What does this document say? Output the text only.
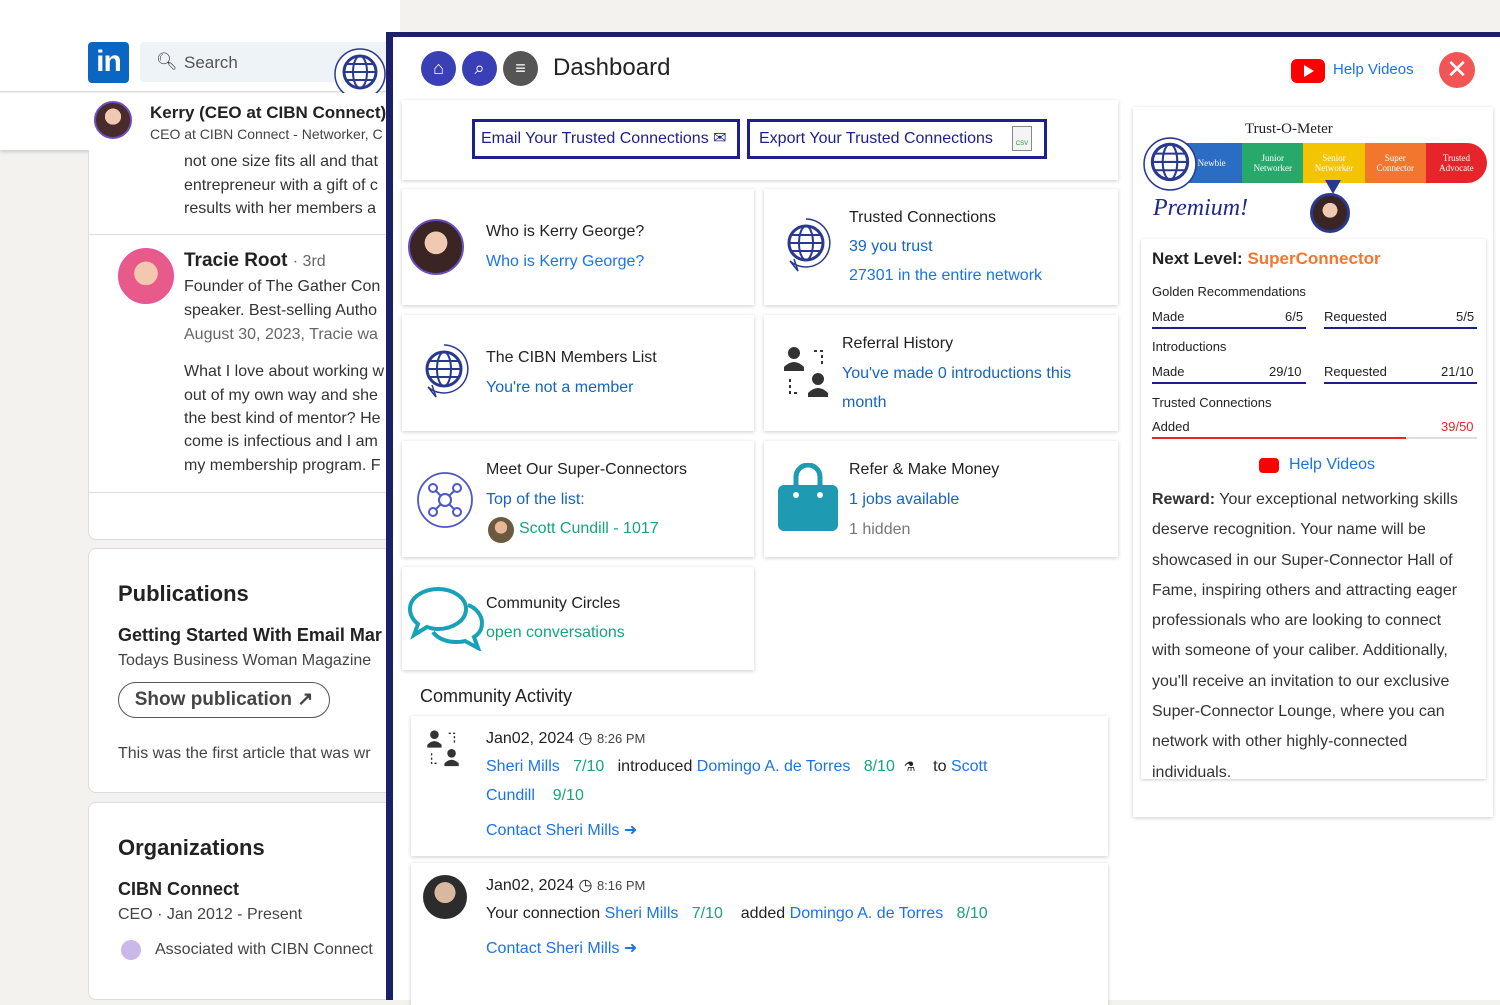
in	🔍︎ Search
Kerry (CEO at CIBN Connect)
CEO at CIBN Connect - Networker, C
not one size fits all and that
entrepreneur with a gift of c
results with her members a
Tracie Root · 3rd
Founder of The Gather Con
speaker. Best-selling Autho
August 30, 2023, Tracie wa
What I love about working w
out of my own way and she
the best kind of mentor? He
come is infectious and I am
my membership program. F
Publications
Getting Started With Email Mar
Todays Business Woman Magazine
This was the first article that was wr
Show publication ↗
Organizations
CIBN Connect
CEO · Jan 2012 - Present
Associated with CIBN Connect
⌂	⌕	≡	Dashboard	Help Videos ✕
Email Your Trusted Connections ✉	Export Your Trusted Connections	CSV
Who is Kerry George?
Who is Kerry George?
Trusted Connections
39 you trust
27301 in the entire network
The CIBN Members List
You're not a member
Referral History
You've made 0 introductions this
month
Meet Our Super-Connectors
Top of the list:
Scott Cundill - 1017
Refer & Make Money
1 jobs available
1 hidden
Community Circles
open conversations
Community Activity
Jan02, 2024 ◷ 8:26 PM
Sheri Mills 7/10 introduced Domingo A. de Torres 8/10 ⚗ to Scott
Cundill 9/10
Contact Sheri Mills ➜
Jan02, 2024 ◷ 8:16 PM
Your connection Sheri Mills 7/10 added Domingo A. de Torres 8/10
Contact Sheri Mills ➜
Trust-O-Meter
Newbie	Junior Networker
Senior Networker
Super Connector
Trusted Advocate
Premium!
Next Level: SuperConnector
Golden Recommendations
Made	6/5 Requested	5/5
Introductions
Made	29/10 Requested	21/10
Trusted Connections
Added	39/50
Help Videos
Reward: Your exceptional networking skills
deserve recognition. Your name will be
showcased in our Super-Connector Hall of
Fame, inspiring others and attracting eager
professionals who are looking to connect
with someone of your caliber. Additionally,
you'll receive an invitation to our exclusive
Super-Connector Lounge, where you can
network with other highly-connected
individuals.
